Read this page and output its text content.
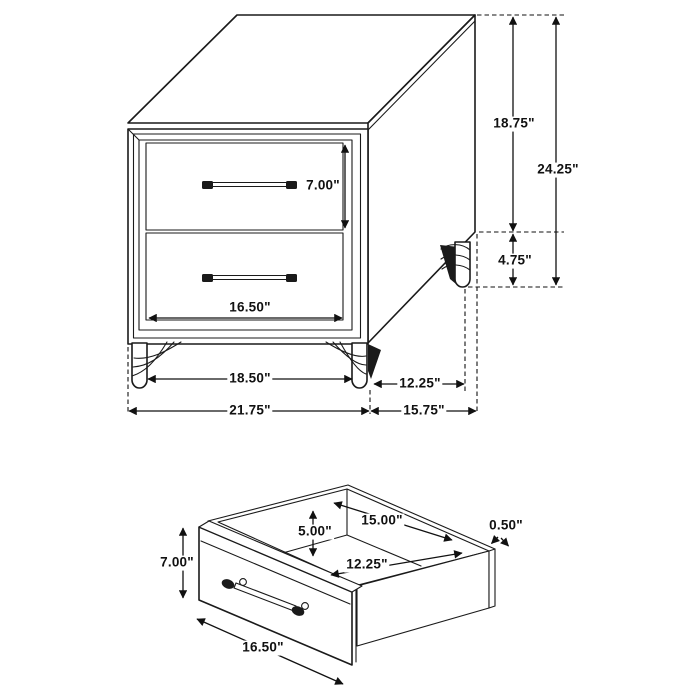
7.00"
16.50"
18.75"
24.25"
4.75"
18.50"	12.25"
21.75"	15.75"
7.00"
5.00"
15.00"
12.25"
0.50"
16.50"
